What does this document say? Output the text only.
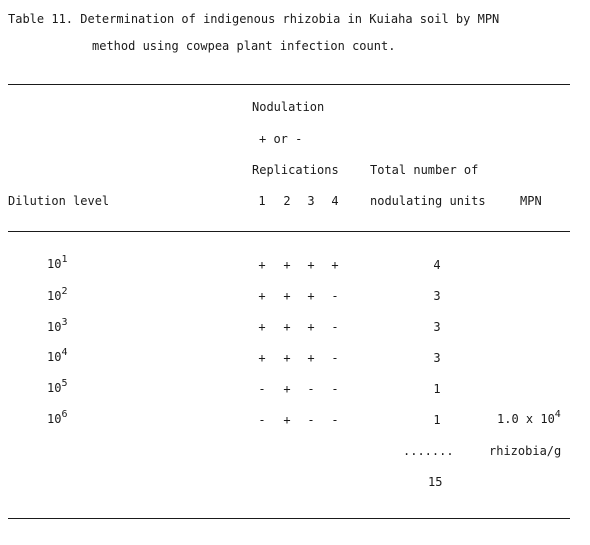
Table 11. Determination of indigenous rhizobia in Kuiaha soil by MPN
method using cowpea plant infection count.
Nodulation
+ or -
Replications	Total number of
Dilution level	1 2 3 4	nodulating units	MPN
$10^1$	+ + + +	4
$10^2$	+ + + -	3
$10^3$	+ + + -	3
$10^4$	+ + + -	3
$10^5$	- + - -	1
$10^6$	- + - -	1	1.0 x $10^4$
.......	rhizobia/g
15
